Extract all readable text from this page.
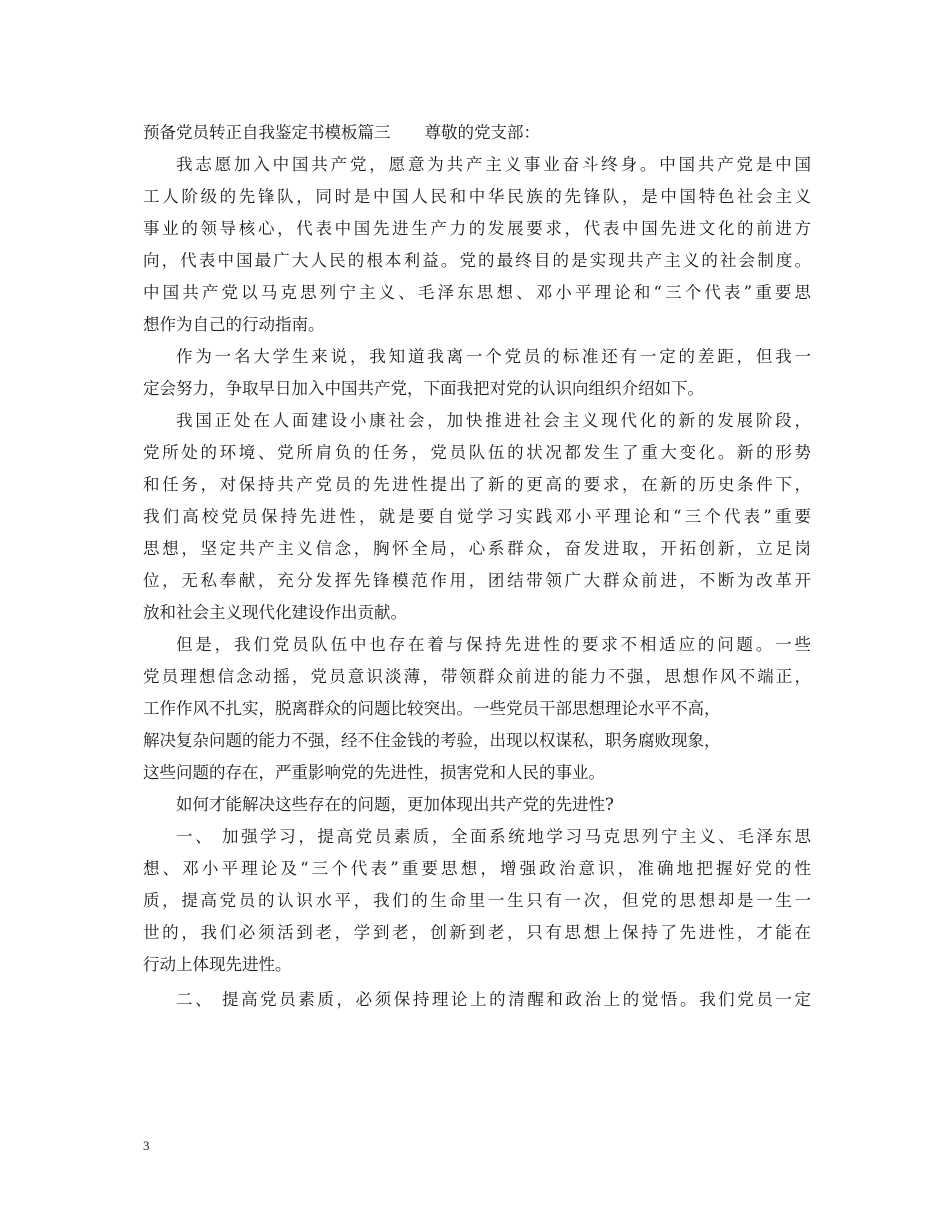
预备党员转正自我鉴定书模板篇三 尊敬的党支部：
我志愿加入中国共产党，愿意为共产主义事业奋斗终身。中国共产党是中国
工人阶级的先锋队，同时是中国人民和中华民族的先锋队，是中国特色社会主义
事业的领导核心，代表中国先进生产力的发展要求，代表中国先进文化的前进方
向，代表中国最广大人民的根本利益。党的最终目的是实现共产主义的社会制度。
中国共产党以马克思列宁主义、毛泽东思想、邓小平理论和“三个代表”重要思
想作为自己的行动指南。
作为一名大学生来说，我知道我离一个党员的标准还有一定的差距，但我一
定会努力，争取早日加入中国共产党，下面我把对党的认识向组织介绍如下。
我国正处在人面建设小康社会，加快推进社会主义现代化的新的发展阶段，
党所处的环境、党所肩负的任务，党员队伍的状况都发生了重大变化。新的形势
和任务，对保持共产党员的先进性提出了新的更高的要求，在新的历史条件下，
我们高校党员保持先进性，就是要自觉学习实践邓小平理论和“三个代表”重要
思想，坚定共产主义信念，胸怀全局，心系群众，奋发进取，开拓创新，立足岗
位，无私奉献，充分发挥先锋模范作用，团结带领广大群众前进，不断为改革开
放和社会主义现代化建设作出贡献。
但是，我们党员队伍中也存在着与保持先进性的要求不相适应的问题。一些
党员理想信念动摇，党员意识淡薄，带领群众前进的能力不强，思想作风不端正，
工作作风不扎实，脱离群众的问题比较突出。一些党员干部思想理论水平不高，
解决复杂问题的能力不强，经不住金钱的考验，出现以权谋私，职务腐败现象，
这些问题的存在，严重影响党的先进性，损害党和人民的事业。
如何才能解决这些存在的问题，更加体现出共产党的先进性?
一、 加强学习，提高党员素质，全面系统地学习马克思列宁主义、毛泽东思
想、邓小平理论及“三个代表”重要思想，增强政治意识，准确地把握好党的性
质，提高党员的认识水平，我们的生命里一生只有一次，但党的思想却是一生一
世的，我们必须活到老，学到老，创新到老，只有思想上保持了先进性，才能在
行动上体现先进性。
二、 提高党员素质，必须保持理论上的清醒和政治上的觉悟。我们党员一定
3
